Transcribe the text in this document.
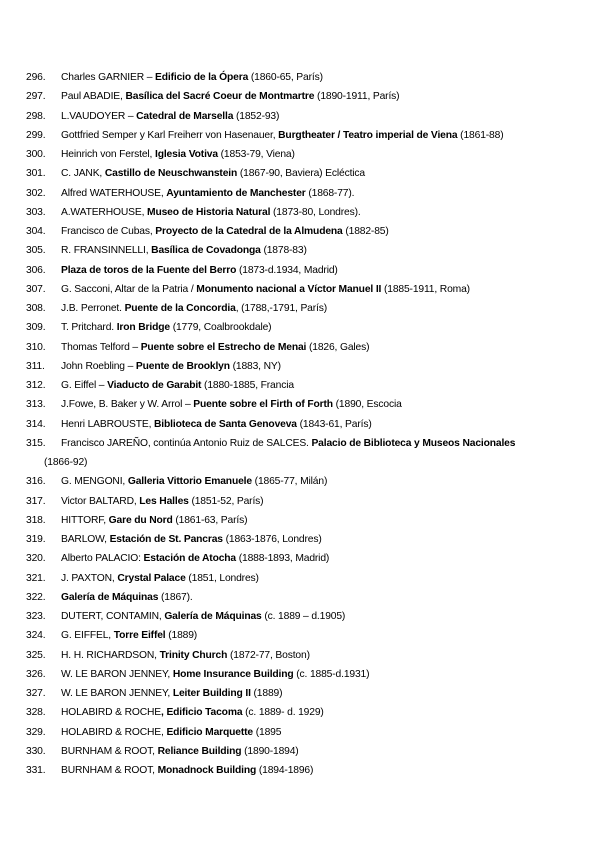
296. Charles GARNIER – Edificio de la Ópera (1860-65, París)
297. Paul ABADIE, Basílica del Sacré Coeur de Montmartre (1890-1911, París)
298. L.VAUDOYER – Catedral de Marsella (1852-93)
299. Gottfried Semper y Karl Freiherr von Hasenauer, Burgtheater / Teatro imperial de Viena (1861-88)
300. Heinrich von Ferstel, Iglesia Votiva (1853-79, Viena)
301. C. JANK, Castillo de Neuschwanstein (1867-90, Baviera) Ecléctica
302. Alfred WATERHOUSE, Ayuntamiento de Manchester (1868-77).
303. A.WATERHOUSE, Museo de Historia Natural (1873-80, Londres).
304. Francisco de Cubas, Proyecto de la Catedral de la Almudena (1882-85)
305. R. FRANSINNELLI, Basílica de Covadonga (1878-83)
306. Plaza de toros de la Fuente del Berro (1873-d.1934, Madrid)
307. G. Sacconi, Altar de la Patria / Monumento nacional a Víctor Manuel II (1885-1911, Roma)
308. J.B. Perronet. Puente de la Concordia, (1788,-1791, París)
309. T. Pritchard. Iron Bridge (1779, Coalbrookdale)
310. Thomas Telford – Puente sobre el Estrecho de Menai (1826, Gales)
311. John Roebling – Puente de Brooklyn (1883, NY)
312. G. Eiffel – Viaducto de Garabit (1880-1885, Francia
313. J.Fowe, B. Baker y W. Arrol – Puente sobre el Firth of Forth (1890, Escocia
314. Henri LABROUSTE, Biblioteca de Santa Genoveva (1843-61, París)
315. Francisco JAREÑO, continúa Antonio Ruiz de SALCES. Palacio de Biblioteca y Museos Nacionales
(1866-92)
316. G. MENGONI, Galleria Vittorio Emanuele (1865-77, Milán)
317. Victor BALTARD, Les Halles (1851-52, París)
318. HITTORF, Gare du Nord (1861-63, París)
319. BARLOW, Estación de St. Pancras (1863-1876, Londres)
320. Alberto PALACIO: Estación de Atocha (1888-1893, Madrid)
321. J. PAXTON, Crystal Palace (1851, Londres)
322. Galería de Máquinas (1867).
323. DUTERT, CONTAMIN, Galería de Máquinas (c. 1889 – d.1905)
324. G. EIFFEL, Torre Eiffel (1889)
325. H. H. RICHARDSON, Trinity Church (1872-77, Boston)
326. W. LE BARON JENNEY, Home Insurance Building (c. 1885-d.1931)
327. W. LE BARON JENNEY, Leiter Building II (1889)
328. HOLABIRD & ROCHE, Edificio Tacoma (c. 1889- d. 1929)
329. HOLABIRD & ROCHE, Edificio Marquette (1895
330. BURNHAM & ROOT, Reliance Building (1890-1894)
331. BURNHAM & ROOT, Monadnock Building (1894-1896)
